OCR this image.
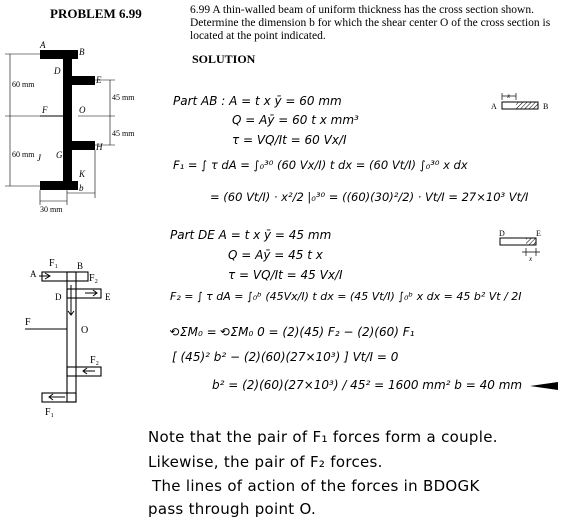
PROBLEM 6.99	6.99 A thin-walled beam of uniform thickness has the cross section shown.
Determine the dimension b for which the shear center O of the cross section is
located at the point indicated.
SOLUTION
A
B
D
E
F	O
G
H
J
K
60 mm
60 mm
45 mm
45 mm
30 mm
b
F₁
F₂
F₂
F₁
F
O
A
B
D	E
A	B
x
D	E
x
Part AB : A = t x ȳ = 60 mm
Q = Aȳ = 60 t x mm³
τ = VQ/It = 60 Vx/I
F₁ = ∫ τ dA = ∫₀³⁰ (60 Vx/I) t dx = (60 Vt/I) ∫₀³⁰ x dx
= (60 Vt/I) · x²/2 |₀³⁰ = ((60)(30)²/2) · Vt/I = 27×10³ Vt/I
Part DE A = t x ȳ = 45 mm
Q = Aȳ = 45 t x
τ = VQ/It = 45 Vx/I
F₂ = ∫ τ dA = ∫₀ᵇ (45Vx/I) t dx = (45 Vt/I) ∫₀ᵇ x dx = 45 b² Vt / 2I
⟲ΣM₀ = ⟲ΣM₀ 0 = (2)(45) F₂ − (2)(60) F₁
[ (45)² b² − (2)(60)(27×10³) ] Vt/I = 0
b² = (2)(60)(27×10³) / 45² = 1600 mm² b = 40 mm
Note that the pair of F₁ forces form a couple.
Likewise, the pair of F₂ forces.
The lines of action of the forces in BDOGK
pass through point O.
